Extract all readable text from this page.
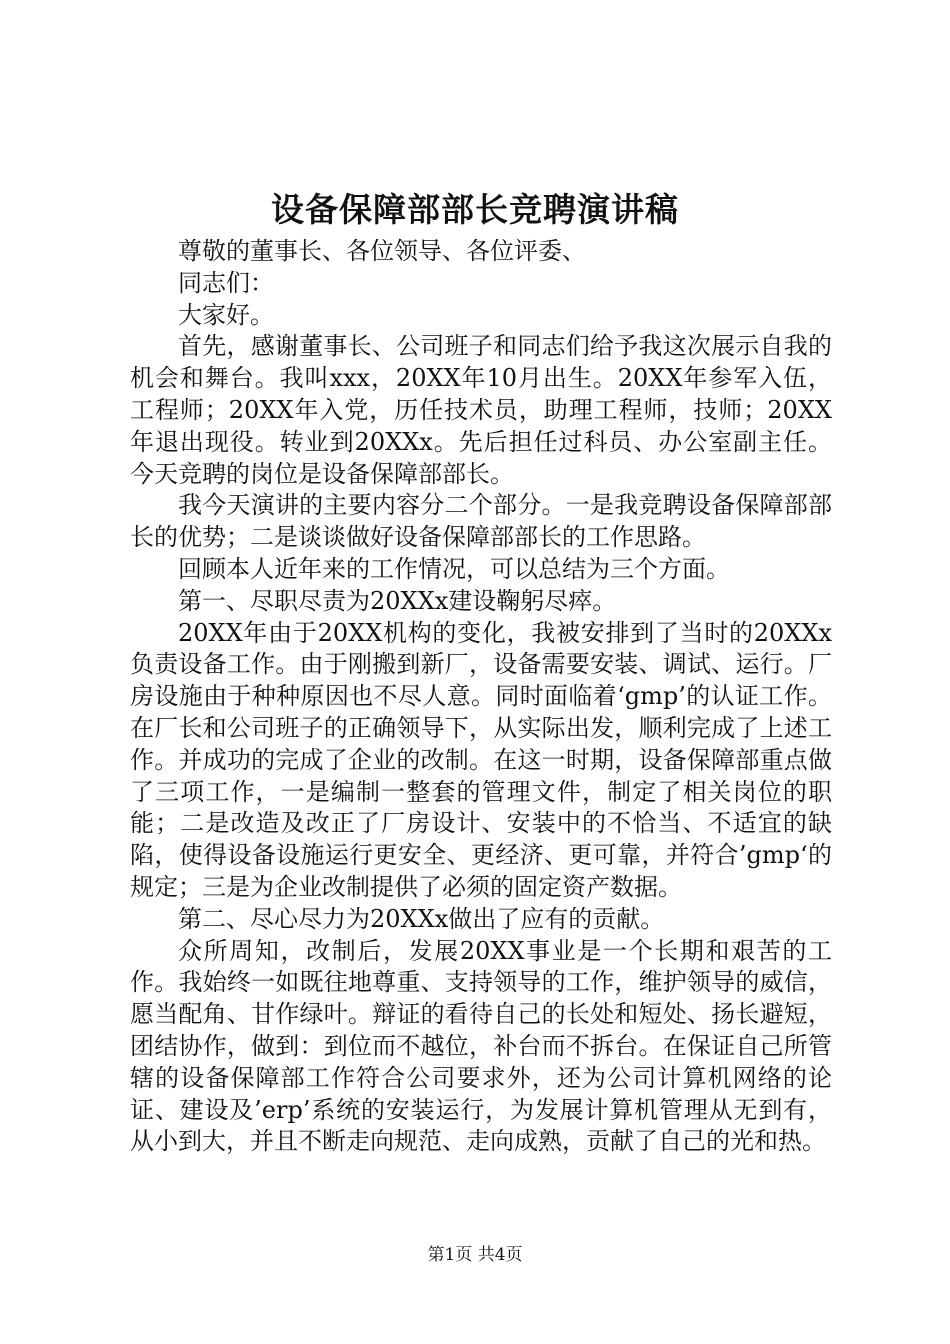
设备保障部部长竞聘演讲稿

尊敬的董事长、各位领导、各位评委、

同志们：

大家好。

首先，感谢董事长、公司班子和同志们给予我这次展示自我的机会和舞台。我叫xxx，20XX年10月出生。20XX年参军入伍，工程师；20XX年入党，历任技术员，助理工程师，技师；20XX年退出现役。转业到20XXx。先后担任过科员、办公室副主任。今天竞聘的岗位是设备保障部部长。

我今天演讲的主要内容分二个部分。一是我竞聘设备保障部部长的优势；二是谈谈做好设备保障部部长的工作思路。

回顾本人近年来的工作情况，可以总结为三个方面。

第一、尽职尽责为20XXx建设鞠躬尽瘁。

20XX年由于20XX机构的变化，我被安排到了当时的20XXx负责设备工作。由于刚搬到新厂，设备需要安装、调试、运行。厂房设施由于种种原因也不尽人意。同时面临着‘gmp’的认证工作。在厂长和公司班子的正确领导下，从实际出发，顺利完成了上述工作。并成功的完成了企业的改制。在这一时期，设备保障部重点做了三项工作，一是编制一整套的管理文件，制定了相关岗位的职能；二是改造及改正了厂房设计、安装中的不恰当、不适宜的缺陷，使得设备设施运行更安全、更经济、更可靠，并符合’gmp‘的规定；三是为企业改制提供了必须的固定资产数据。

第二、尽心尽力为20XXx做出了应有的贡献。

众所周知，改制后，发展20XX事业是一个长期和艰苦的工作。我始终一如既往地尊重、支持领导的工作，维护领导的威信，愿当配角、甘作绿叶。辩证的看待自己的长处和短处、扬长避短，团结协作，做到：到位而不越位，补台而不拆台。在保证自己所管辖的设备保障部工作符合公司要求外，还为公司计算机网络的论证、建设及’erp’系统的安装运行，为发展计算机管理从无到有，从小到大，并且不断走向规范、走向成熟，贡献了自己的光和热。

第1页 共4页
